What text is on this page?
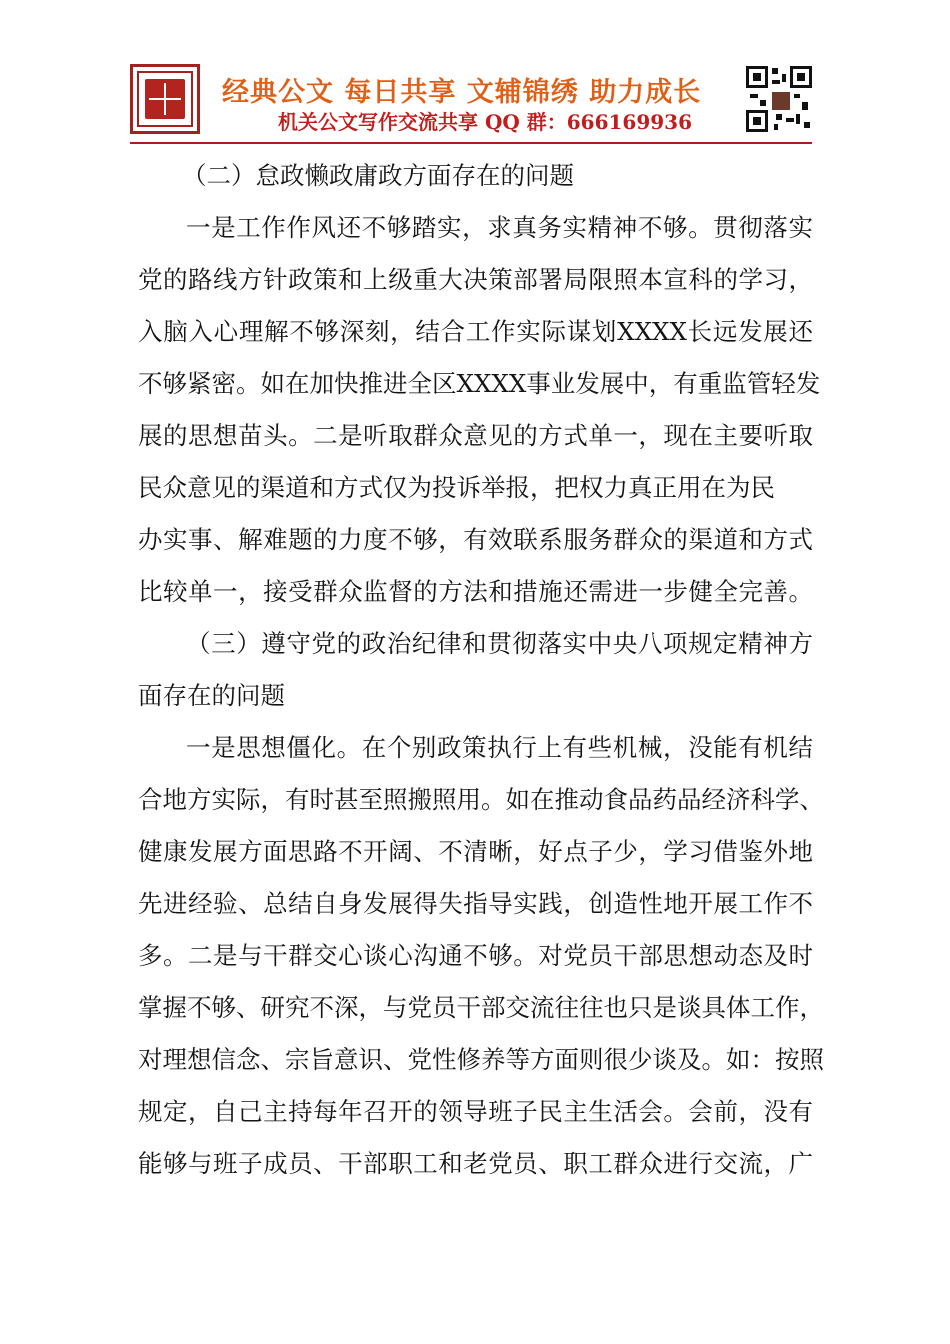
经典公文 每日共享 文辅锦绣 助力成长
机关公文写作交流共享 QQ 群：666169936
（二）怠政懒政庸政方面存在的问题
一是工作作风还不够踏实，求真务实精神不够。贯彻落实
党的路线方针政策和上级重大决策部署局限照本宣科的学习，
入脑入心理解不够深刻，结合工作实际谋划XXXX长远发展还
不够紧密。如在加快推进全区XXXX事业发展中，有重监管轻发
展的思想苗头。二是听取群众意见的方式单一，现在主要听取
民众意见的渠道和方式仅为投诉举报，把权力真正用在为民
办实事、解难题的力度不够，有效联系服务群众的渠道和方式
比较单一，接受群众监督的方法和措施还需进一步健全完善。
（三）遵守党的政治纪律和贯彻落实中央八项规定精神方
面存在的问题
一是思想僵化。在个别政策执行上有些机械，没能有机结
合地方实际，有时甚至照搬照用。如在推动食品药品经济科学、
健康发展方面思路不开阔、不清晰，好点子少，学习借鉴外地
先进经验、总结自身发展得失指导实践，创造性地开展工作不
多。二是与干群交心谈心沟通不够。对党员干部思想动态及时
掌握不够、研究不深，与党员干部交流往往也只是谈具体工作，
对理想信念、宗旨意识、党性修养等方面则很少谈及。如：按照
规定，自己主持每年召开的领导班子民主生活会。会前，没有
能够与班子成员、干部职工和老党员、职工群众进行交流，广
